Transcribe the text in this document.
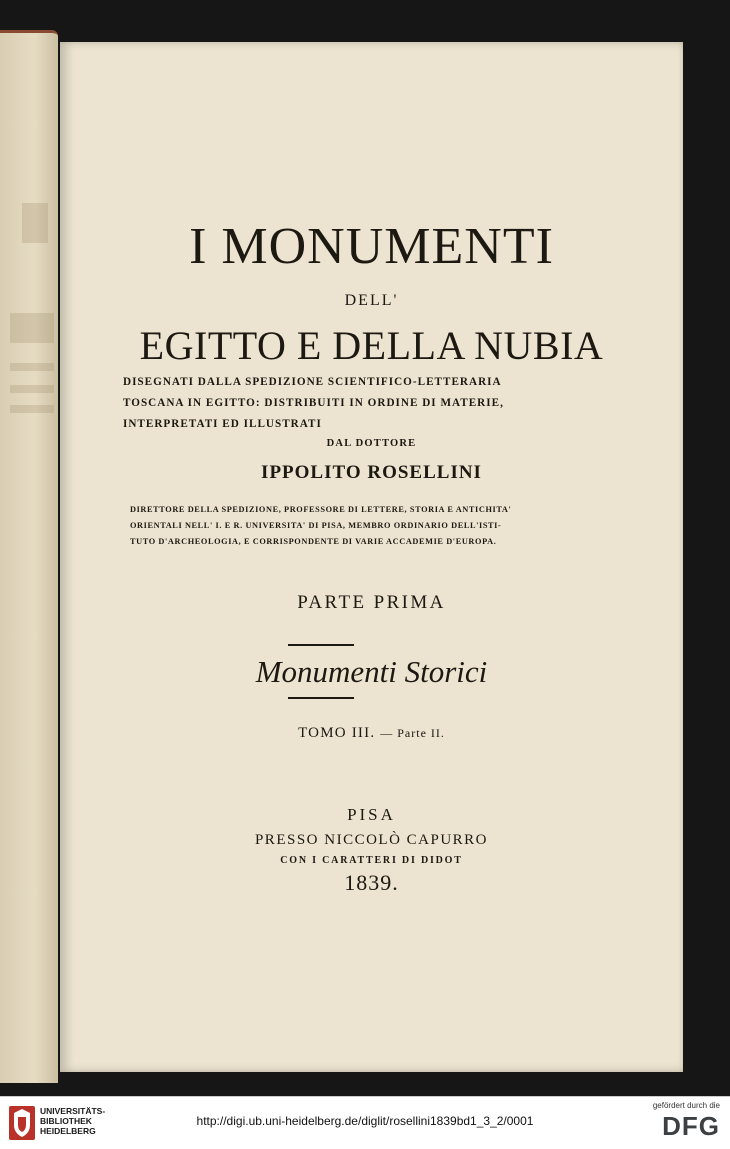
I MONUMENTI
DELL'
EGITTO E DELLA NUBIA
DISEGNATI DALLA SPEDIZIONE SCIENTIFICO-LETTERARIA
TOSCANA IN EGITTO: DISTRIBUITI IN ORDINE DI MATERIE,
INTERPRETATI ED ILLUSTRATI
DAL DOTTORE
IPPOLITO ROSELLINI
DIRETTORE DELLA SPEDIZIONE, PROFESSORE DI LETTERE, STORIA E ANTICHITA'
ORIENTALI NELL' I. E R. UNIVERSITA' DI PISA, MEMBRO ORDINARIO DELL'ISTI-
TUTO D'ARCHEOLOGIA, E CORRISPONDENTE DI VARIE ACCADEMIE D'EUROPA.
PARTE PRIMA
Monumenti Storici
TOMO III. — Parte II.
PISA
PRESSO NICCOLÒ CAPURRO
CON I CARATTERI DI DIDOT
1839.
UNIVERSITÄTS-
BIBLIOTHEK
HEIDELBERG
http://digi.ub.uni-heidelberg.de/diglit/rosellini1839bd1_3_2/0001
gefördert durch die
DFG
